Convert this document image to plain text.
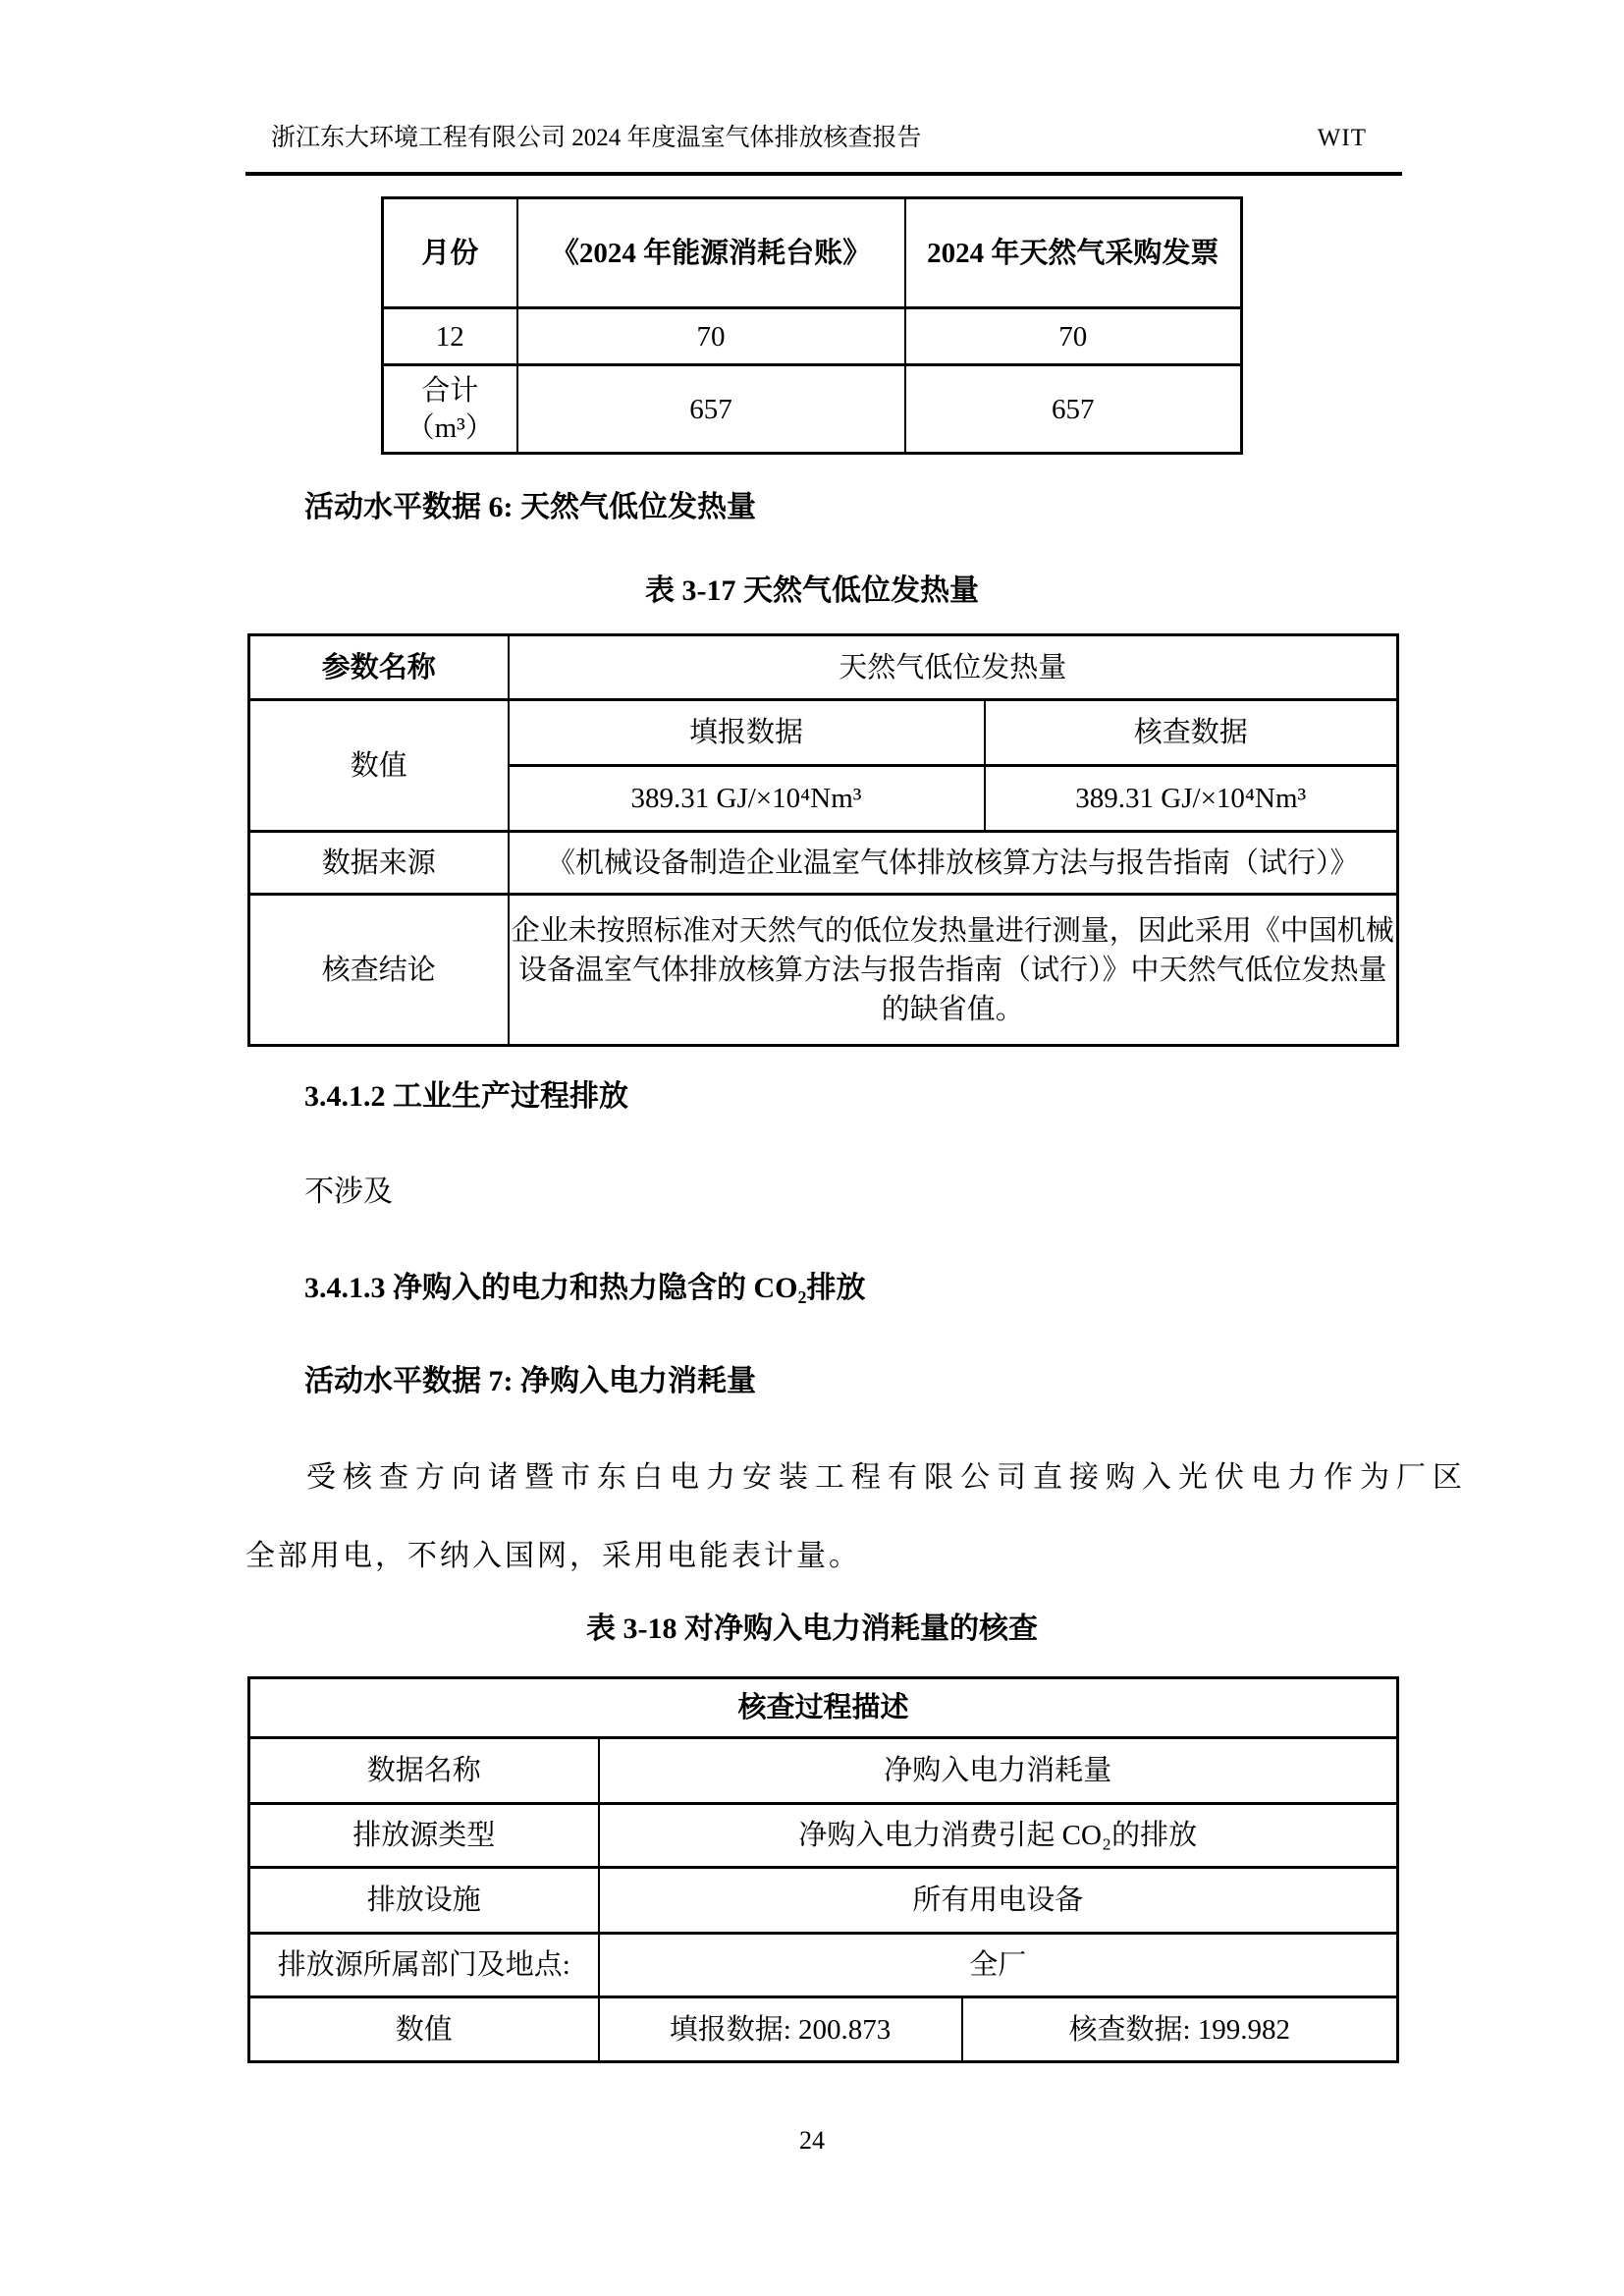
浙江东大环境工程有限公司 2024 年度温室气体排放核查报告	WIT
月份	《2024 年能源消耗台账》	2024 年天然气采购发票
12	70	70

合计
（m³）	657	657
活动水平数据 6: 天然气低位发热量
表 3-17 天然气低位发热量
参数名称	天然气低位发热量	
数值	填报数据	核查数据
	389.31 GJ/×10⁴Nm³	389.31 GJ/×10⁴Nm³
数据来源	《机械设备制造企业温室气体排放核算方法与报告指南（试行）》	
核查结论	企业未按照标准对天然气的低位发热量进行测量，因此采用《中国机械设备温室气体排放核算方法与报告指南（试行）》中天然气低位发热量的缺省值。	
3.4.1.2 工业生产过程排放
不涉及
3.4.1.3 净购入的电力和热力隐含的 CO₂排放
活动水平数据 7: 净购入电力消耗量
受核查方向诸暨市东白电力安装工程有限公司直接购入光伏电力作为厂区
全部用电，不纳入国网，采用电能表计量。
表 3-18 对净购入电力消耗量的核查
核查过程描述		
数据名称	净购入电力消耗量	
排放源类型	净购入电力消费引起 CO₂的排放	
排放设施	所有用电设备	
排放源所属部门及地点:	全厂	
数值	填报数据: 200.873	核查数据: 199.982
24
